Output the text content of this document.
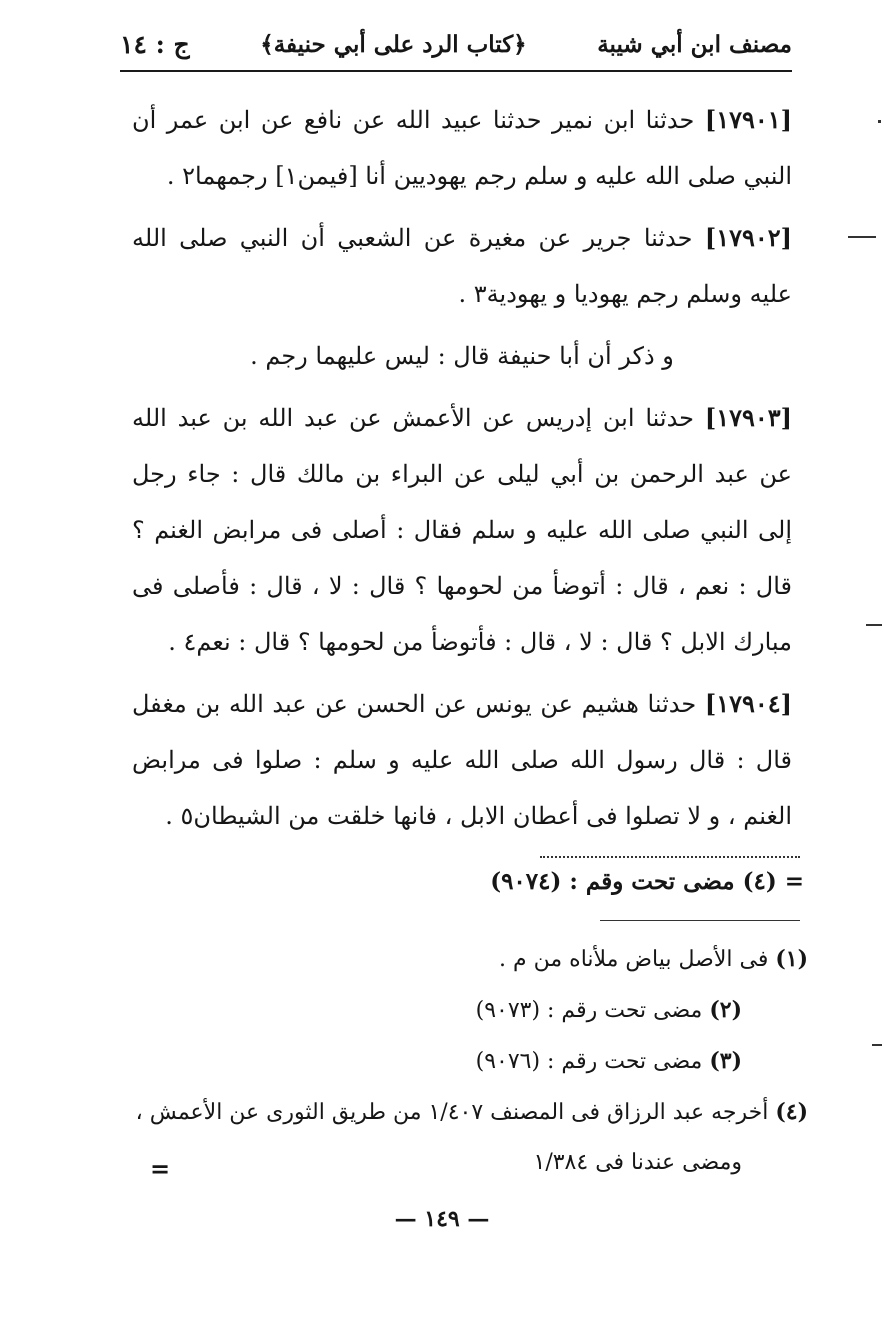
مصنف ابن أبي شيبة
﴿كتاب الرد على أبي حنيفة﴾
ج : ١٤

[١٧٩٠١] حدثنا ابن نمير حدثنا عبيد الله عن نافع عن ابن عمر أن النبي صلى الله عليه و سلم رجم يهوديين أنا [فيمن١] رجمهما٢ .

[١٧٩٠٢] حدثنا جرير عن مغيرة عن الشعبي أن النبي صلى الله عليه وسلم رجم يهوديا و يهودية٣ .

و ذكر أن أبا حنيفة قال : ليس عليهما رجم .

[١٧٩٠٣] حدثنا ابن إدريس عن الأعمش عن عبد الله بن عبد الله عن عبد الرحمن بن أبي ليلى عن البراء بن مالك قال : جاء رجل إلى النبي صلى الله عليه و سلم فقال : أصلى فى مرابض الغنم ؟ قال : نعم ، قال : أتوضأ من لحومها ؟ قال : لا ، قال : فأصلى فى مبارك الابل ؟ قال : لا ، قال : فأتوضأ من لحومها ؟ قال : نعم٤ .

[١٧٩٠٤] حدثنا هشيم عن يونس عن الحسن عن عبد الله بن مغفل قال : قال رسول الله صلى الله عليه و سلم : صلوا فى مرابض الغنم ، و لا تصلوا فى أعطان الابل ، فانها خلقت من الشيطان٥ .

= (٤) مضى تحت وقم : (٩٠٧٤)

(١) فى الأصل بياض ملأناه من م .

(٢) مضى تحت رقم : (٩٠٧٣)

(٣) مضى تحت رقم : (٩٠٧٦)

(٤) أخرجه عبد الرزاق فى المصنف ١/٤٠٧ من طريق الثورى عن الأعمش ،

ومضى عندنا فى ١/٣٨٤

=
— ١٤٩ —
